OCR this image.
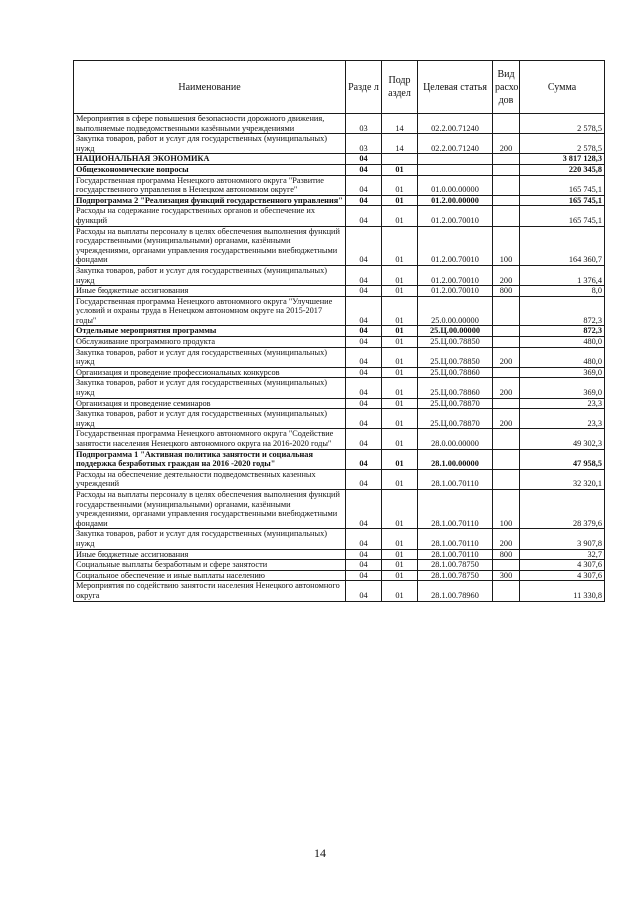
Наименование	Разде л	Подр аздел	Целевая статья	Вид расхо дов	Сумма
Мероприятия в сфере повышения безопасности дорожного движения, выполняемые подведомственными казёнными учреждениями	03	14	02.2.00.71240		2 578,5
Закупка товаров, работ и услуг для государственных (муниципальных) нужд	03	14	02.2.00.71240	200	2 578,5
НАЦИОНАЛЬНАЯ ЭКОНОМИКА	04				3 817 128,3
Общеэкономические вопросы	04	01			220 345,8
Государственная программа Ненецкого автономного округа "Развитие государственного управления в Ненецком автономном округе"	04	01	01.0.00.00000		165 745,1
Подпрограмма 2 "Реализация функций государственного управления"	04	01	01.2.00.00000		165 745,1
Расходы на содержание государственных органов и обеспечение их функций	04	01	01.2.00.70010		165 745,1
Расходы на выплаты персоналу в целях обеспечения выполнения функций государственными (муниципальными) органами, казёнными учреждениями, органами управления государственными внебюджетными фондами	04	01	01.2.00.70010	100	164 360,7
Закупка товаров, работ и услуг для государственных (муниципальных) нужд	04	01	01.2.00.70010	200	1 376,4
Иные бюджетные ассигнования	04	01	01.2.00.70010	800	8,0
Государственная программа Ненецкого автономного округа "Улучшение условий и охраны труда в Ненецком автономном округе на 2015-2017 годы"	04	01	25.0.00.00000		872,3
Отдельные мероприятия программы	04	01	25.Ц.00.00000		872,3
Обслуживание программного продукта	04	01	25.Ц.00.78850		480,0
Закупка товаров, работ и услуг для государственных (муниципальных) нужд	04	01	25.Ц.00.78850	200	480,0
Организация и проведение профессиональных конкурсов	04	01	25.Ц.00.78860		369,0
Закупка товаров, работ и услуг для государственных (муниципальных) нужд	04	01	25.Ц.00.78860	200	369,0
Организация и проведение семинаров	04	01	25.Ц.00.78870		23,3
Закупка товаров, работ и услуг для государственных (муниципальных) нужд	04	01	25.Ц.00.78870	200	23,3
Государственная программа Ненецкого автономного округа "Содействие занятости населения Ненецкого автономного округа на 2016-2020 годы"	04	01	28.0.00.00000		49 302,3
Подпрограмма 1 "Активная политика занятости и социальная поддержка безработных граждан на 2016 -2020 годы"	04	01	28.1.00.00000		47 958,5
Расходы на обеспечение деятельности подведомственных казенных учреждений	04	01	28.1.00.70110		32 320,1
Расходы на выплаты персоналу в целях обеспечения выполнения функций государственными (муниципальными) органами, казёнными учреждениями, органами управления государственными внебюджетными фондами	04	01	28.1.00.70110	100	28 379,6
Закупка товаров, работ и услуг для государственных (муниципальных) нужд	04	01	28.1.00.70110	200	3 907,8
Иные бюджетные ассигнования	04	01	28.1.00.70110	800	32,7
Социальные выплаты безработным и сфере занятости	04	01	28.1.00.78750		4 307,6
Социальное обеспечение и иные выплаты населению	04	01	28.1.00.78750	300	4 307,6
Мероприятия по содействию занятости населения Ненецкого автономного округа	04	01	28.1.00.78960		11 330,8
14
